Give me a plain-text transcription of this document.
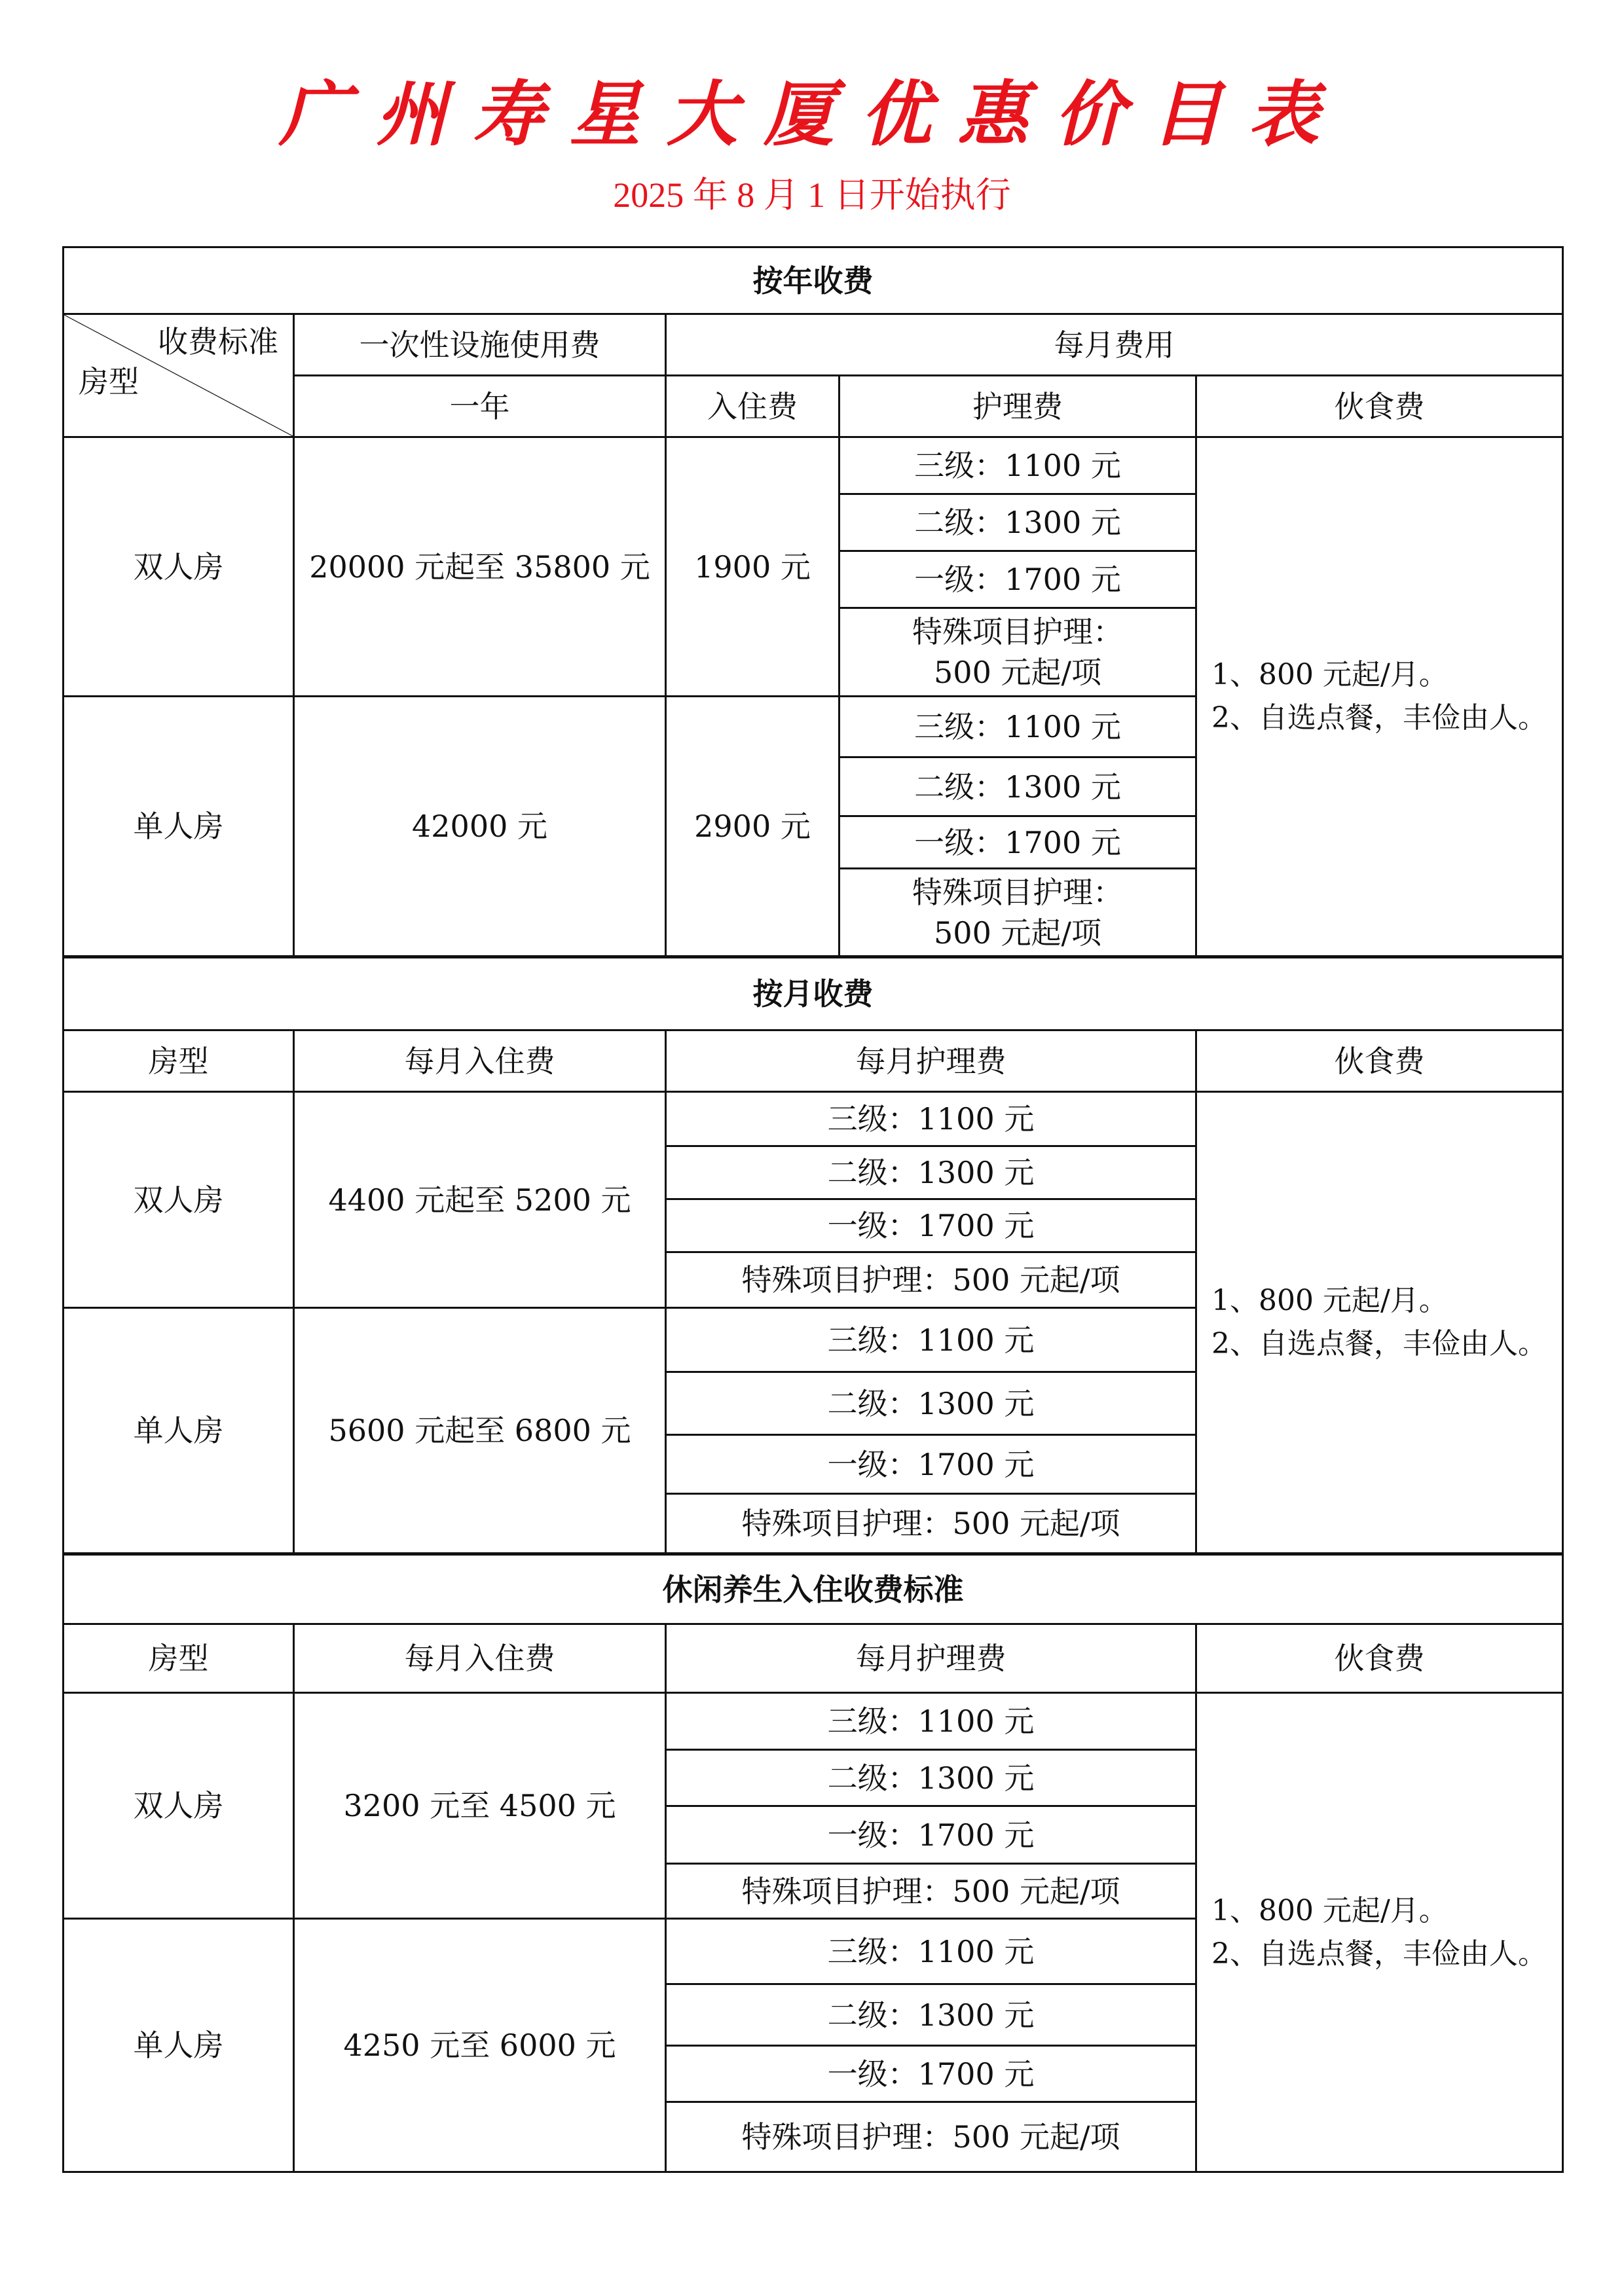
广州寿星大厦优惠价目表
2025 年 8 月 1 日开始执行
按年收费				

收费标准
房型	一次性设施使用费	每月费用		
	一年	入住费	护理费	伙食费
双人房	20000 元起至 35800 元	1900 元	三级：1100 元	1、800 元起/月。
2、自选点餐，丰俭由人。
			二级：1300 元	
			一级：1700 元	
			特殊项目护理：
500 元起/项	
单人房	42000 元	2900 元	三级：1100 元	
			二级：1300 元	
			一级：1700 元	
			特殊项目护理：
500 元起/项	
按月收费				
房型	每月入住费	每月护理费		伙食费
双人房	4400 元起至 5200 元	三级：1100 元		1、800 元起/月。
2、自选点餐，丰俭由人。
		二级：1300 元		
		一级：1700 元		
		特殊项目护理：500 元起/项		
单人房	5600 元起至 6800 元	三级：1100 元		
		二级：1300 元		
		一级：1700 元		
		特殊项目护理：500 元起/项		
休闲养生入住收费标准				
房型	每月入住费	每月护理费		伙食费
双人房	3200 元至 4500 元	三级：1100 元		1、800 元起/月。
2、自选点餐，丰俭由人。
		二级：1300 元		
		一级：1700 元		
		特殊项目护理：500 元起/项		
单人房	4250 元至 6000 元	三级：1100 元		
		二级：1300 元		
		一级：1700 元		
		特殊项目护理：500 元起/项		
